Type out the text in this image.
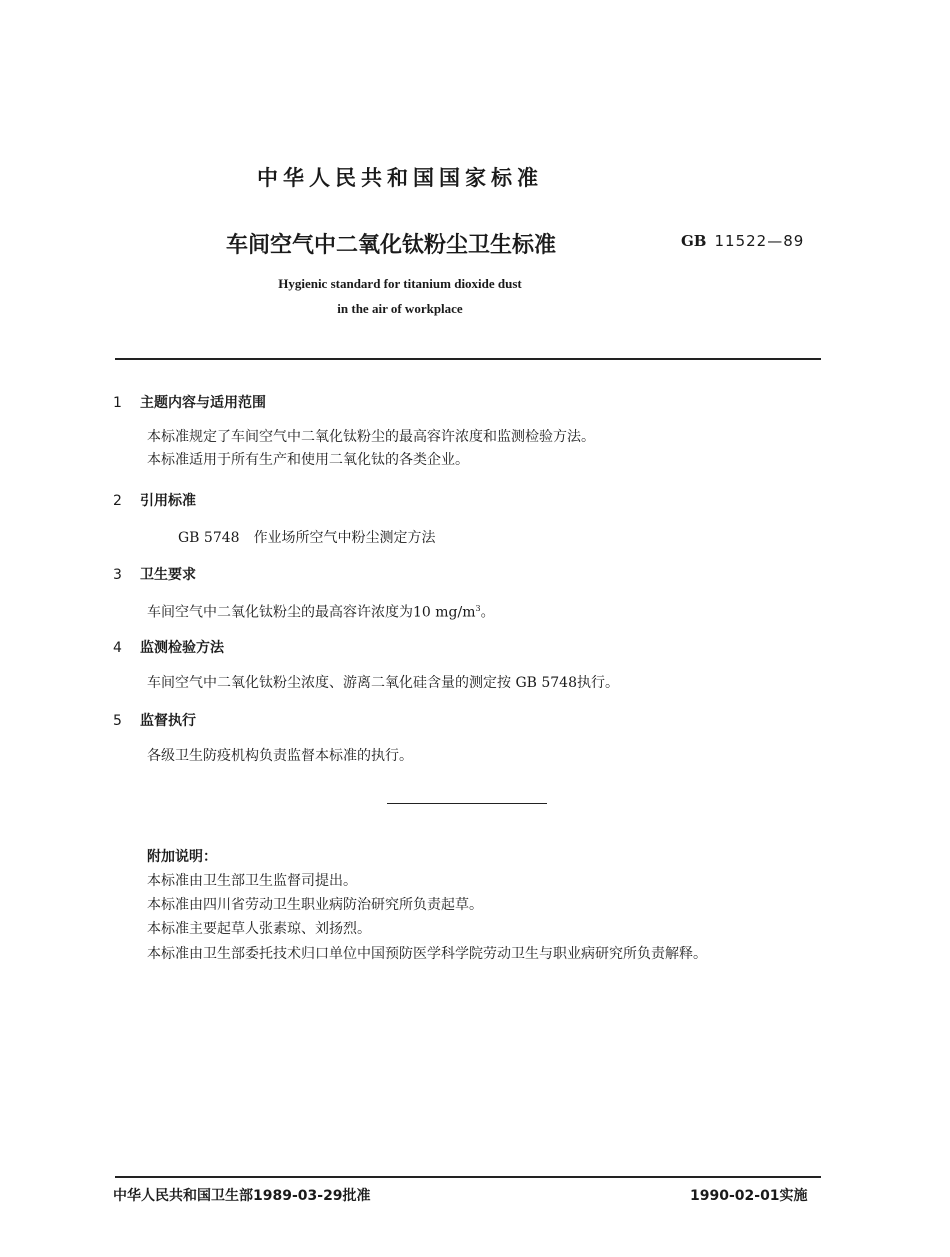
中华人民共和国国家标准
车间空气中二氧化钛粉尘卫生标准	GB 11522—89
Hygienic standard for titanium dioxide dust
in the air of workplace
1 主题内容与适用范围
本标准规定了车间空气中二氧化钛粉尘的最高容许浓度和监测检验方法。
本标准适用于所有生产和使用二氧化钛的各类企业。
2 引用标准
GB 5748 作业场所空气中粉尘测定方法
3 卫生要求
车间空气中二氧化钛粉尘的最高容许浓度为10 $mg/m^3$。
4 监测检验方法
车间空气中二氧化钛粉尘浓度、游离二氧化硅含量的测定按 GB 5748执行。
5 监督执行
各级卫生防疫机构负责监督本标准的执行。
附加说明：
本标准由卫生部卫生监督司提出。
本标准由四川省劳动卫生职业病防治研究所负责起草。
本标准主要起草人张素琼、刘扬烈。
本标准由卫生部委托技术归口单位中国预防医学科学院劳动卫生与职业病研究所负责解释。
中华人民共和国卫生部1989-03-29批准	1990-02-01实施
